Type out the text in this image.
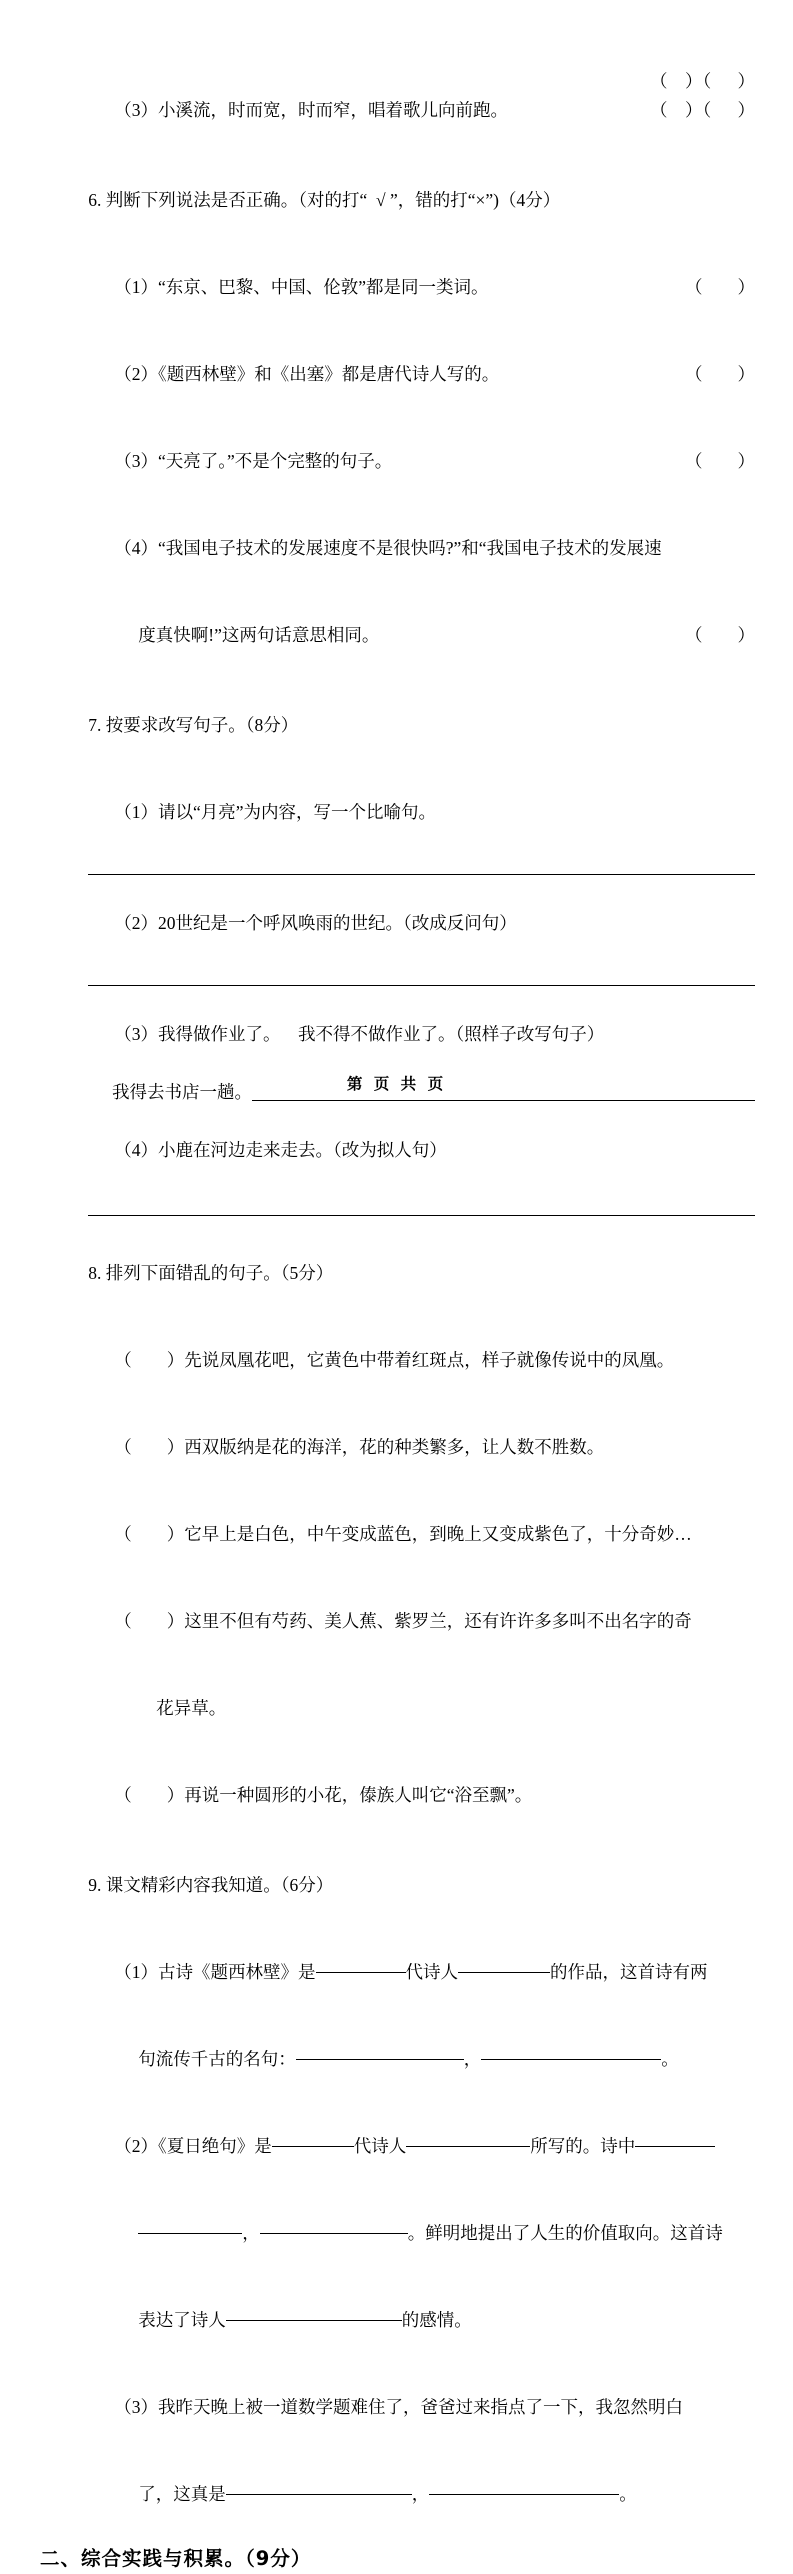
（    ）（      ）

（3）小溪流，时而宽，时而窄，唱着歌儿向前跑。	（    ）（      ）

6. 判断下列说法是否正确。（对的打“  √ ”，错的打“×”)（4分）

（1）“东京、巴黎、中国、伦敦”都是同一类词。	（        ）

（2）《题西林壁》和《出塞》都是唐代诗人写的。	（        ）

（3）“天亮了。”不是个完整的句子。	（        ）

（4）“我国电子技术的发展速度不是很快吗?”和“我国电子技术的发展速

度真快啊!”这两句话意思相同。	（        ）

7. 按要求改写句子。（8分）

（1）请以“月亮”为内容，写一个比喻句。

（2）20世纪是一个呼风唤雨的世纪。（改成反问句）

（3）我得做作业了。    我不得不做作业了。（照样子改写句子）

我得去书店一趟。

（4）小鹿在河边走来走去。（改为拟人句）

8. 排列下面错乱的句子。（5分）

（        ）先说凤凰花吧，它黄色中带着红斑点，样子就像传说中的凤凰。

（        ）西双版纳是花的海洋，花的种类繁多，让人数不胜数。

（        ）它早上是白色，中午变成蓝色，到晚上又变成紫色了，十分奇妙…

（        ）这里不但有芍药、美人蕉、紫罗兰，还有许许多多叫不出名字的奇

花异草。

（        ）再说一种圆形的小花，傣族人叫它“浴至飘”。

9. 课文精彩内容我知道。（6分）

（1）古诗《题西林壁》是	代诗人	的作品，这首诗有两

句流传千古的名句：	，	。

（2）《夏日绝句》是	代诗人	所写的。诗中

，	。鲜明地提出了人生的价值取向。这首诗

表达了诗人	的感情。

（3）我昨天晚上被一道数学题难住了，爸爸过来指点了一下，我忽然明白

了，这真是	，	。

二、综合实践与积累。（9分）
第 页 共 页
